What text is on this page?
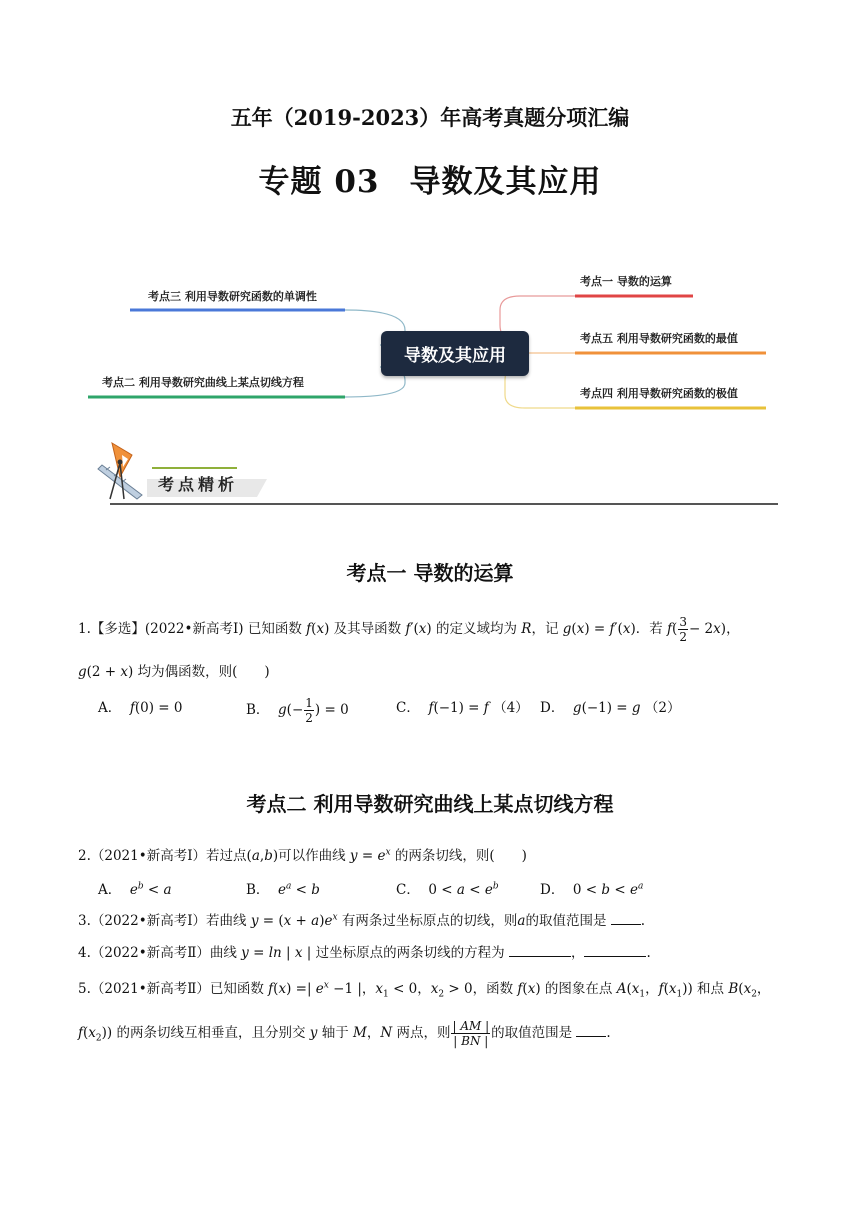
五年（2019-2023）年高考真题分项汇编
专题 03 导数及其应用
考点三 利用导数研究函数的单调性
考点二 利用导数研究曲线上某点切线方程
考点一 导数的运算
考点五 利用导数研究函数的最值
考点四 利用导数研究函数的极值
导数及其应用
考点精析
考点一 导数的运算
1.【多选】(2022•新高考Ⅰ) 已知函数 f(x) 及其导函数 f′(x) 的定义域均为 R，记 g(x) = f′(x)．若 $f( \frac{3}{2} - 2x)$，
g(2 + x) 均为偶函数，则(　　)
A． f(0) = 0	B． $g(- \frac{1}{2}$ ) = 0	C． f(−1) = f （4） D． g(−1) = g （2）
考点二 利用导数研究曲线上某点切线方程
2.（2021•新高考Ⅰ）若过点(a,b)可以作曲线 $y = e^x$ 的两条切线，则(　　)
A． $e^b < a$	B． $e^a < b$	C．  $0 < a < e^b$	D．  $0 < b < e^a$
3.（2022•新高考Ⅰ）若曲线 $y = (x + a)e^x$ 有两条过坐标原点的切线，则a的取值范围是 .
4.（2022•新高考Ⅱ）曲线 y = ln | x | 过坐标原点的两条切线的方程为	，	.
5.（2021•新高考Ⅱ）已知函数 f(x) =| $e^x -1$ |，$x_1 < 0$，$x_2 > 0$，函数 f(x) 的图象在点 $A(x_1$，$f(x_1)$) 和点 $B(x_2$，
$f(x_2)$) 的两条切线互相垂直，且分别交 y 轴于 M，N 两点，则 $\frac{| AM |}{| BN |}$ 的取值范围是 .
